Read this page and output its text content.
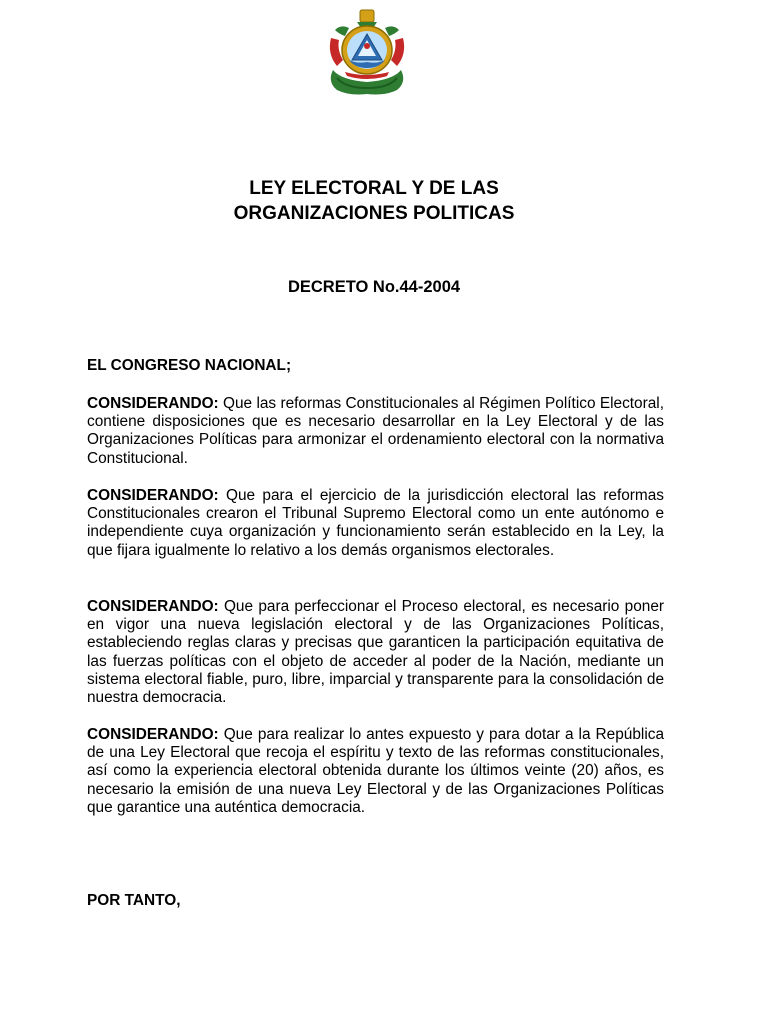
LEY ELECTORAL Y DE LAS
ORGANIZACIONES POLITICAS
DECRETO No.44-2004

EL CONGRESO NACIONAL;

CONSIDERANDO: Que las reformas Constitucionales al Régimen Político Electoral, contiene disposiciones que es necesario desarrollar en la Ley Electoral y de las Organizaciones Políticas para armonizar el ordenamiento electoral con la normativa Constitucional.

CONSIDERANDO: Que para el ejercicio de la jurisdicción electoral las reformas Constitucionales crearon el Tribunal Supremo Electoral como un ente autónomo e independiente cuya organización y funcionamiento serán establecido en la Ley, la que fijara igualmente lo relativo a los demás organismos electorales.

CONSIDERANDO: Que para perfeccionar el Proceso electoral, es necesario poner en vigor una nueva legislación electoral y de las Organizaciones Políticas, estableciendo reglas claras y precisas que garanticen la participación equitativa de las fuerzas políticas con el objeto de acceder al poder de la Nación, mediante un sistema electoral fiable, puro, libre, imparcial y transparente para la consolidación de nuestra democracia.

CONSIDERANDO: Que para realizar lo antes expuesto y para dotar a la República de una Ley Electoral que recoja el espíritu y texto de las reformas constitucionales, así como la experiencia electoral obtenida durante los últimos veinte (20) años, es necesario la emisión de una nueva Ley Electoral y de las Organizaciones Políticas que garantice una auténtica democracia.

POR TANTO,
